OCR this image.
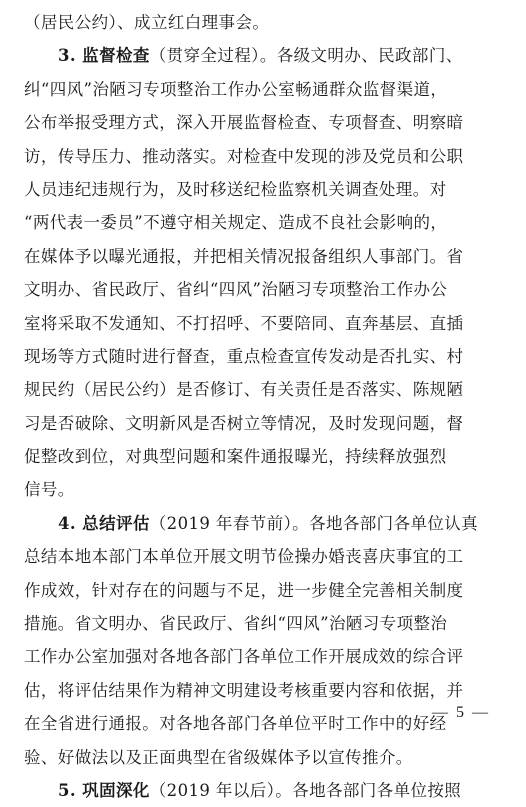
（居民公约）、成立红白理事会。
3. 监督检查（贯穿全过程）。各级文明办、民政部门、
纠“四风”治陋习专项整治工作办公室畅通群众监督渠道，
公布举报受理方式，深入开展监督检查、专项督查、明察暗
访，传导压力、推动落实。对检查中发现的涉及党员和公职
人员违纪违规行为，及时移送纪检监察机关调查处理。对
“两代表一委员”不遵守相关规定、造成不良社会影响的，
在媒体予以曝光通报，并把相关情况报备组织人事部门。省
文明办、省民政厅、省纠“四风”治陋习专项整治工作办公
室将采取不发通知、不打招呼、不要陪同、直奔基层、直插
现场等方式随时进行督查，重点检查宣传发动是否扎实、村
规民约（居民公约）是否修订、有关责任是否落实、陈规陋
习是否破除、文明新风是否树立等情况，及时发现问题，督
促整改到位，对典型问题和案件通报曝光，持续释放强烈
信号。
4. 总结评估（2019 年春节前）。各地各部门各单位认真
总结本地本部门本单位开展文明节俭操办婚丧喜庆事宜的工
作成效，针对存在的问题与不足，进一步健全完善相关制度
措施。省文明办、省民政厅、省纠“四风”治陋习专项整治
工作办公室加强对各地各部门各单位工作开展成效的综合评
估，将评估结果作为精神文明建设考核重要内容和依据，并
在全省进行通报。对各地各部门各单位平时工作中的好经
验、好做法以及正面典型在省级媒体予以宣传推介。
5. 巩固深化（2019 年以后）。各地各部门各单位按照
— 5 —
